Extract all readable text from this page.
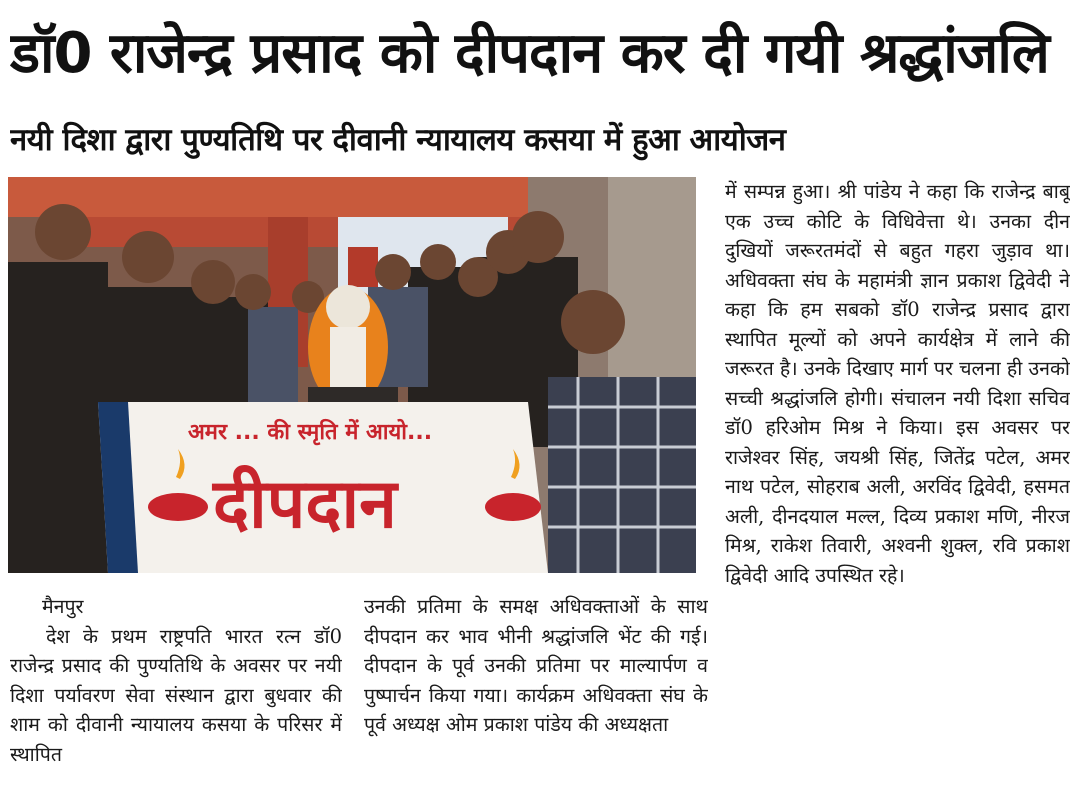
डॉ0 राजेन्द्र प्रसाद को दीपदान कर दी गयी श्रद्धांजलि
नयी दिशा द्वारा पुण्यतिथि पर दीवानी न्यायालय कसया में हुआ आयोजन
अमर ... की स्मृति में आयो...
दीपदान

मैनपुर

देश के प्रथम राष्ट्रपति भारत रत्न डॉ0 राजेन्द्र प्रसाद की पुण्यतिथि के अवसर पर नयी दिशा पर्यावरण सेवा संस्थान द्वारा बुधवार की शाम को दीवानी न्यायालय कसया के परिसर में स्थापित

उनकी प्रतिमा के समक्ष अधिवक्ताओं के साथ दीपदान कर भाव भीनी श्रद्धांजलि भेंट की गई। दीपदान के पूर्व उनकी प्रतिमा पर माल्यार्पण व पुष्पार्चन किया गया। कार्यक्रम अधिवक्ता संघ के पूर्व अध्यक्ष ओम प्रकाश पांडेय की अध्यक्षता

में सम्पन्न हुआ। श्री पांडेय ने कहा कि राजेन्द्र बाबू एक उच्च कोटि के विधिवेत्ता थे। उनका दीन दुखियों जरूरतमंदों से बहुत गहरा जुड़ाव था। अधिवक्ता संघ के महामंत्री ज्ञान प्रकाश द्विवेदी ने कहा कि हम सबको डॉ0 राजेन्द्र प्रसाद द्वारा स्थापित मूल्यों को अपने कार्यक्षेत्र में लाने की जरूरत है। उनके दिखाए मार्ग पर चलना ही उनको सच्ची श्रद्धांजलि होगी। संचालन नयी दिशा सचिव डॉ0 हरिओम मिश्र ने किया। इस अवसर पर राजेश्वर सिंह, जयश्री सिंह, जितेंद्र पटेल, अमर नाथ पटेल, सोहराब अली, अरविंद द्विवेदी, हसमत अली, दीनदयाल मल्ल, दिव्य प्रकाश मणि, नीरज मिश्र, राकेश तिवारी, अश्वनी शुक्ल, रवि प्रकाश द्विवेदी आदि उपस्थित रहे।
